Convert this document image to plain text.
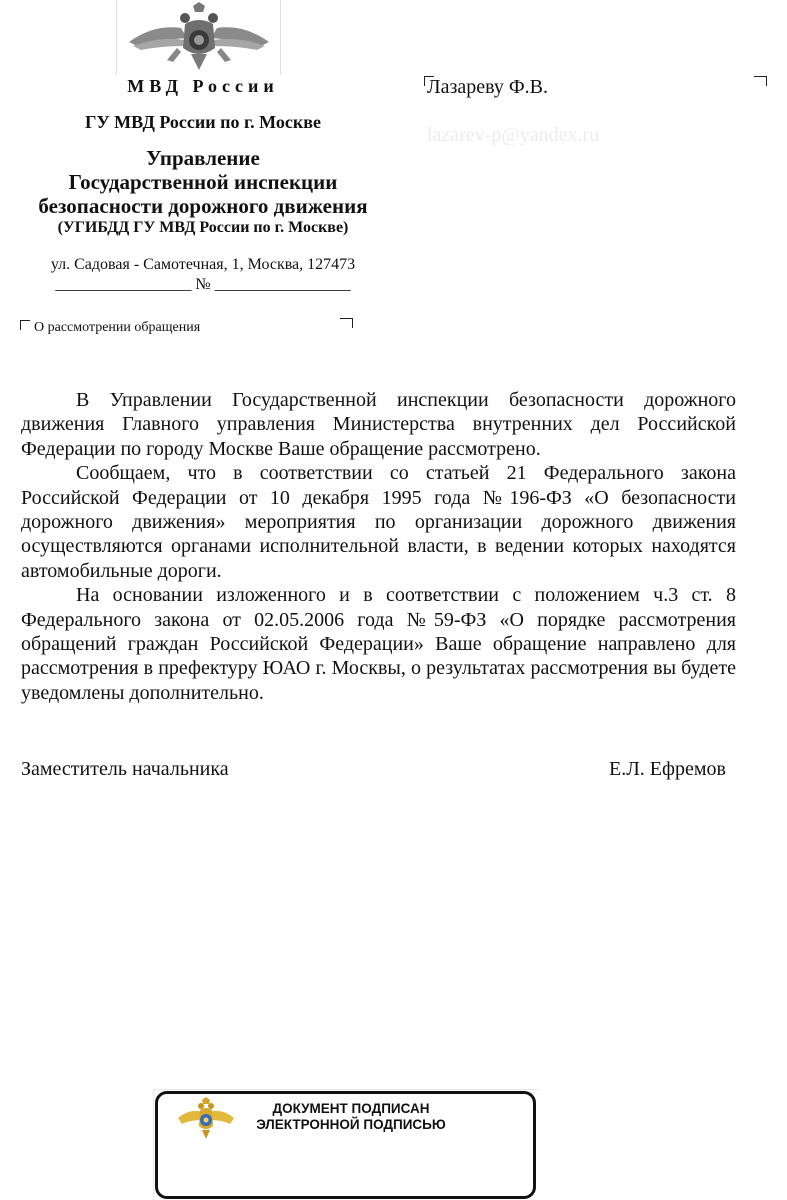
МВД России
ГУ МВД России по г. Москве
Управление
Государственной инспекции
безопасности дорожного движения
(УГИБДД ГУ МВД России по г. Москве)
ул. Садовая - Самотечная, 1, Москва, 127473
_________________ № _________________
О рассмотрении обращения
Лазареву Ф.В.
lazarev-p@yandex.ru

В Управлении Государственной инспекции безопасности дорожного движения Главного управления Министерства внутренних дел Российской Федерации по городу Москве Ваше обращение рассмотрено.

Сообщаем, что в соответствии со статьей 21 Федерального закона Российской Федерации от 10 декабря 1995 года №196-ФЗ «О безопасности дорожного движения» мероприятия по организации дорожного движения осуществляются органами исполнительной власти, в ведении которых находятся автомобильные дороги.

На основании изложенного и в соответствии с положением ч.3 ст. 8 Федерального закона от 02.05.2006 года №59-ФЗ «О порядке рассмотрения обращений граждан Российской Федерации» Ваше обращение направлено для рассмотрения в префектуру ЮАО г. Москвы, о результатах рассмотрения вы будете уведомлены дополнительно.

Заместитель начальника	Е.Л. Ефремов
ДОКУМЕНТ ПОДПИСАН
ЭЛЕКТРОННОЙ ПОДПИСЬЮ
